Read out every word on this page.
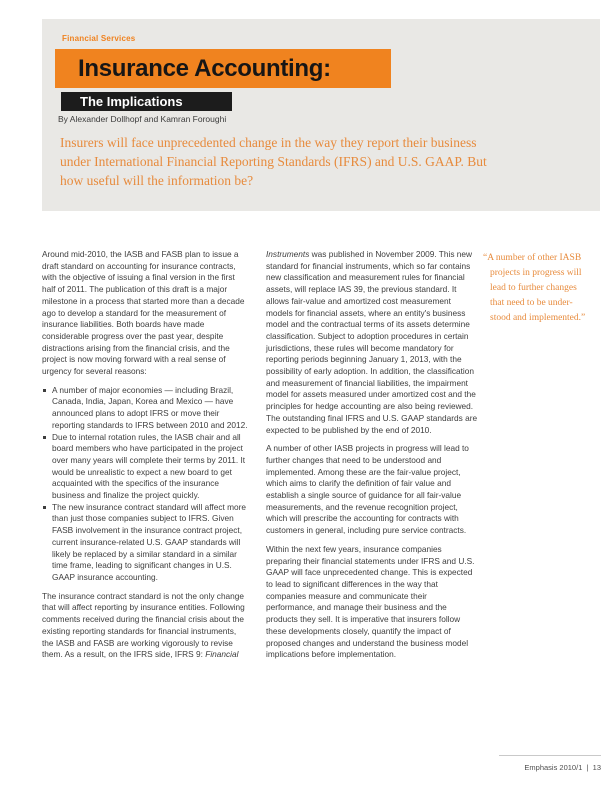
Financial Services
Insurance Accounting:
The Implications
By Alexander Dollhopf and Kamran Foroughi
Insurers will face unprecedented change in the way they report their business under International Financial Reporting Standards (IFRS) and U.S. GAAP. But how useful will the information be?

Around mid-2010, the IASB and FASB plan to issue a draft standard on accounting for insurance contracts, with the objective of issuing a final version in the first half of 2011. The publication of this draft is a major milestone in a process that started more than a decade ago to develop a standard for the measurement of insurance liabilities. Both boards have made considerable progress over the past year, despite distractions arising from the financial crisis, and the project is now moving forward with a real sense of urgency for several reasons:

A number of major economies — including Brazil, Canada, India, Japan, Korea and Mexico — have announced plans to adopt IFRS or move their reporting standards to IFRS between 2010 and 2012.
Due to internal rotation rules, the IASB chair and all board members who have participated in the project over many years will complete their terms by 2011. It would be unrealistic to expect a new board to get acquainted with the specifics of the insurance business and finalize the project quickly.
The new insurance contract standard will affect more than just those companies subject to IFRS. Given FASB involvement in the insurance contract project, current insurance-related U.S. GAAP standards will likely be replaced by a similar standard in a similar time frame, leading to significant changes in U.S. GAAP insurance accounting.

The insurance contract standard is not the only change that will affect reporting by insurance entities. Following comments received during the financial crisis about the existing reporting standards for financial instruments, the IASB and FASB are working vigorously to revise them. As a result, on the IFRS side, IFRS 9: Financial

Instruments was published in November 2009. This new standard for financial instruments, which so far contains new classification and measurement rules for financial assets, will replace IAS 39, the previous standard. It allows fair-value and amortized cost measurement models for financial assets, where an entity's business model and the contractual terms of its assets determine classification. Subject to adoption procedures in certain jurisdictions, these rules will become mandatory for reporting periods beginning January 1, 2013, with the possibility of early adoption. In addition, the classification and measurement of financial liabilities, the impairment model for assets measured under amortized cost and the principles for hedge accounting are also being reviewed. The outstanding final IFRS and U.S. GAAP standards are expected to be published by the end of 2010.

A number of other IASB projects in progress will lead to further changes that need to be understood and implemented. Among these are the fair-value project, which aims to clarify the definition of fair value and establish a single source of guidance for all fair-value measurements, and the revenue recognition project, which will prescribe the accounting for contracts with customers in general, including pure service contracts.

Within the next few years, insurance companies preparing their financial statements under IFRS and U.S. GAAP will face unprecedented change. This is expected to lead to significant differences in the way that companies measure and communicate their performance, and manage their business and the products they sell. It is imperative that insurers follow these developments closely, quantify the impact of proposed changes and understand the business model implications before implementation.

“A number of other IASB
projects in progress will
lead to further changes
that need to be under-
stood and implemented.”
Emphasis 2010/1  |  13
